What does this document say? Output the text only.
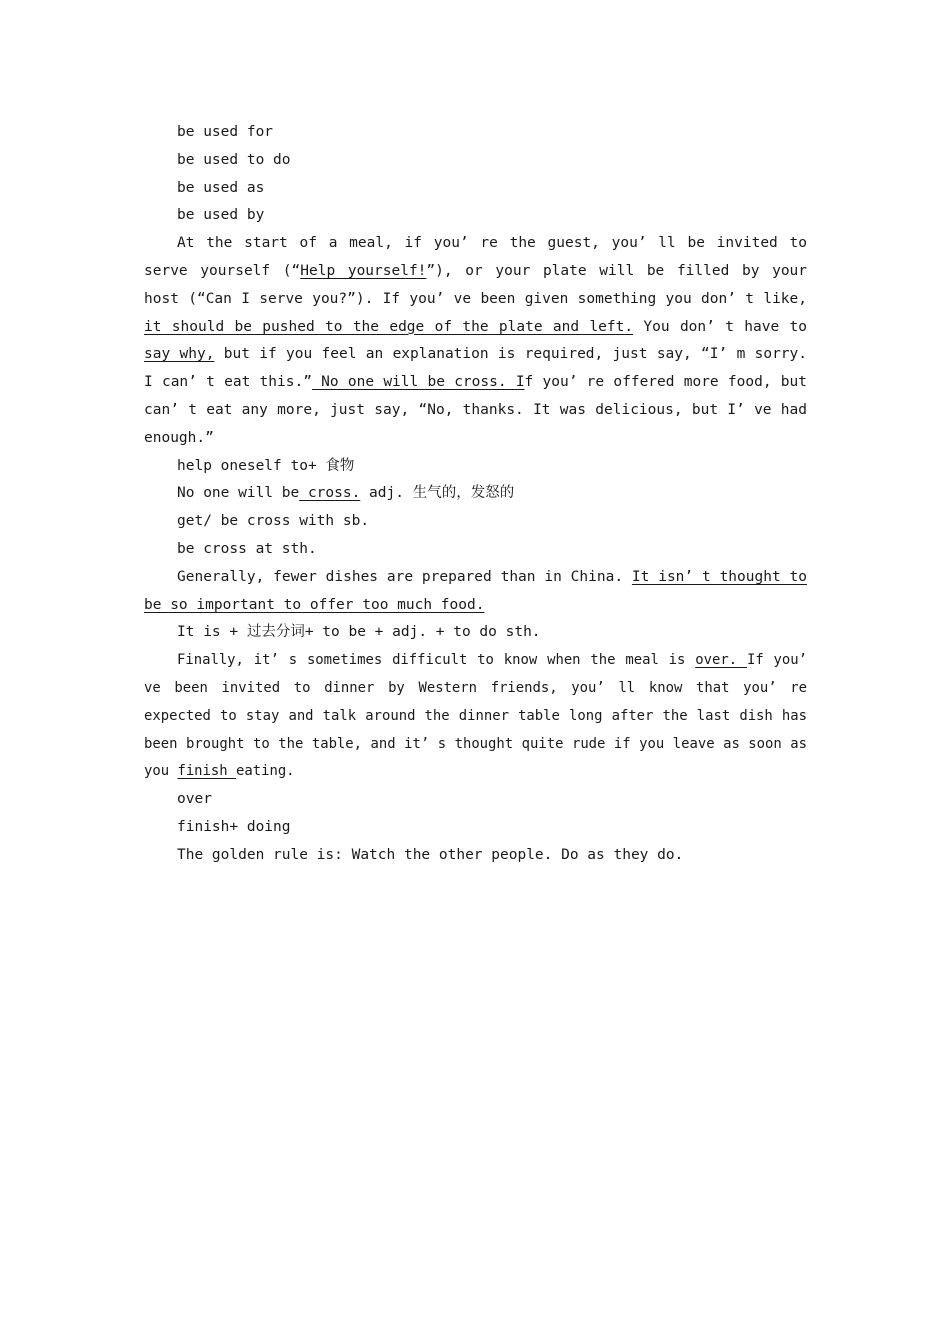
be used for

be used to do

be used as

be used by

At the start of a meal, if you’ re the guest, you’ ll be invited to serve yourself (“Help yourself!”), or your plate will be filled by your host (“Can I serve you?”). If you’ ve been given something you don’ t like, it should be pushed to the edge of the plate and left. You don’ t have to say why, but if you feel an explanation is required, just say, “I’ m sorry. I can’ t eat this.” No one will be cross. If you’ re offered more food, but can’ t eat any more, just say, “No, thanks. It was delicious, but I’ ve had enough.”

help oneself to+ 食物

No one will be cross. adj. 生气的，发怒的

get/ be cross with sb.

be cross at sth.

Generally, fewer dishes are prepared than in China. It isn’ t thought to be so important to offer too much food.

It is + 过去分词+ to be + adj. + to do sth.

Finally, it’ s sometimes difficult to know when the meal is over. If you’ ve been invited to dinner by Western friends, you’ ll know that you’ re expected to stay and talk around the dinner table long after the last dish has been brought to the table, and it’ s thought quite rude if you leave as soon as you finish eating.

over

finish+ doing

The golden rule is: Watch the other people. Do as they do.
